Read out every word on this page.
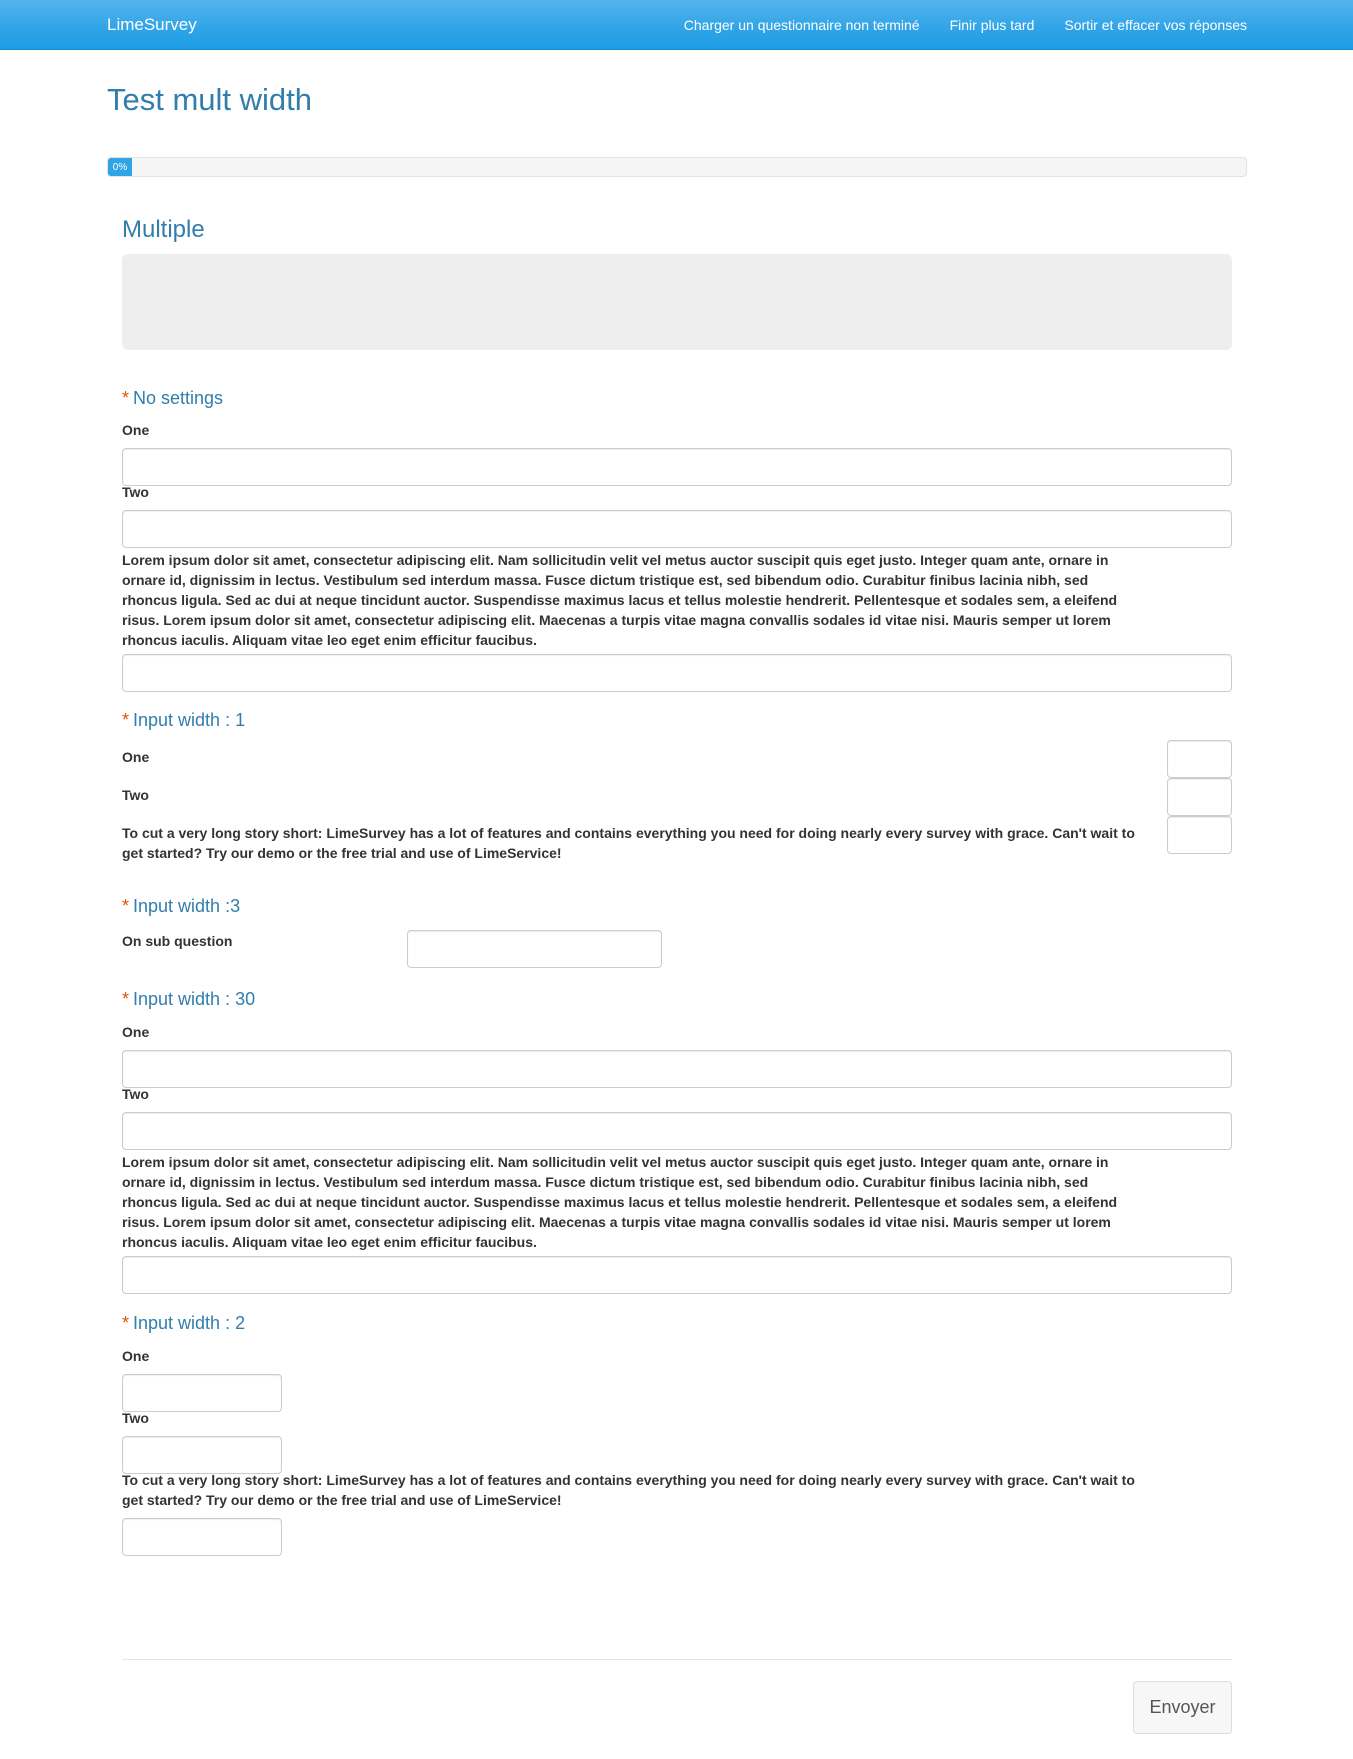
LimeSurvey	Charger un questionnaire non terminé Finir plus tard Sortir et effacer vos réponses
Test mult width
0%
Multiple
* No settings
One
Two
Lorem ipsum dolor sit amet, consectetur adipiscing elit. Nam sollicitudin velit vel metus auctor suscipit quis eget justo. Integer quam ante, ornare in ornare id, dignissim in lectus. Vestibulum sed interdum massa. Fusce dictum tristique est, sed bibendum odio. Curabitur finibus lacinia nibh, sed rhoncus ligula. Sed ac dui at neque tincidunt auctor. Suspendisse maximus lacus et tellus molestie hendrerit. Pellentesque et sodales sem, a eleifend risus. Lorem ipsum dolor sit amet, consectetur adipiscing elit. Maecenas a turpis vitae magna convallis sodales id vitae nisi. Mauris semper ut lorem rhoncus iaculis. Aliquam vitae leo eget enim efficitur faucibus.
* Input width : 1
One
Two
To cut a very long story short: LimeSurvey has a lot of features and contains everything you need for doing nearly every survey with grace. Can't wait to get started? Try our demo or the free trial and use of LimeService!
* Input width :3
On sub question
* Input width : 30
One
Two
Lorem ipsum dolor sit amet, consectetur adipiscing elit. Nam sollicitudin velit vel metus auctor suscipit quis eget justo. Integer quam ante, ornare in ornare id, dignissim in lectus. Vestibulum sed interdum massa. Fusce dictum tristique est, sed bibendum odio. Curabitur finibus lacinia nibh, sed rhoncus ligula. Sed ac dui at neque tincidunt auctor. Suspendisse maximus lacus et tellus molestie hendrerit. Pellentesque et sodales sem, a eleifend risus. Lorem ipsum dolor sit amet, consectetur adipiscing elit. Maecenas a turpis vitae magna convallis sodales id vitae nisi. Mauris semper ut lorem rhoncus iaculis. Aliquam vitae leo eget enim efficitur faucibus.
* Input width : 2
One
Two
To cut a very long story short: LimeSurvey has a lot of features and contains everything you need for doing nearly every survey with grace. Can't wait to get started? Try our demo or the free trial and use of LimeService!
Envoyer
